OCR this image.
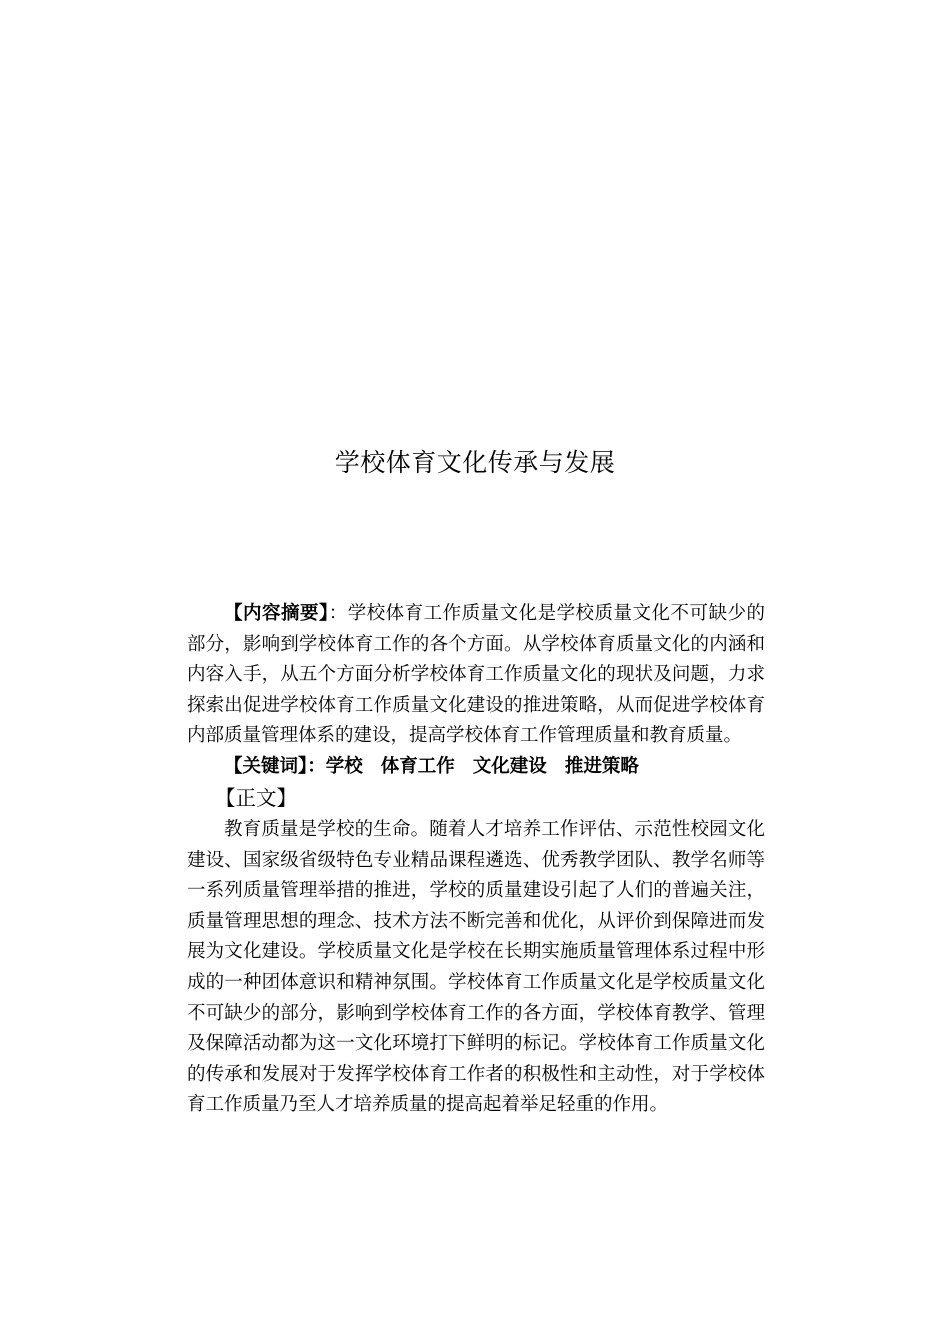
学校体育文化传承与发展

【内容摘要】：学校体育工作质量文化是学校质量文化不可缺少的部分，影响到学校体育工作的各个方面。从学校体育质量文化的内涵和内容入手，从五个方面分析学校体育工作质量文化的现状及问题，力求探索出促进学校体育工作质量文化建设的推进策略，从而促进学校体育内部质量管理体系的建设，提高学校体育工作管理质量和教育质量。

【关键词】：学校 体育工作 文化建设 推进策略

【正文】

教育质量是学校的生命。随着人才培养工作评估、示范性校园文化建设、国家级省级特色专业精品课程遴选、优秀教学团队、教学名师等一系列质量管理举措的推进，学校的质量建设引起了人们的普遍关注，质量管理思想的理念、技术方法不断完善和优化，从评价到保障进而发展为文化建设。学校质量文化是学校在长期实施质量管理体系过程中形成的一种团体意识和精神氛围。学校体育工作质量文化是学校质量文化不可缺少的部分，影响到学校体育工作的各方面，学校体育教学、管理及保障活动都为这一文化环境打下鲜明的标记。学校体育工作质量文化的传承和发展对于发挥学校体育工作者的积极性和主动性，对于学校体育工作质量乃至人才培养质量的提高起着举足轻重的作用。
